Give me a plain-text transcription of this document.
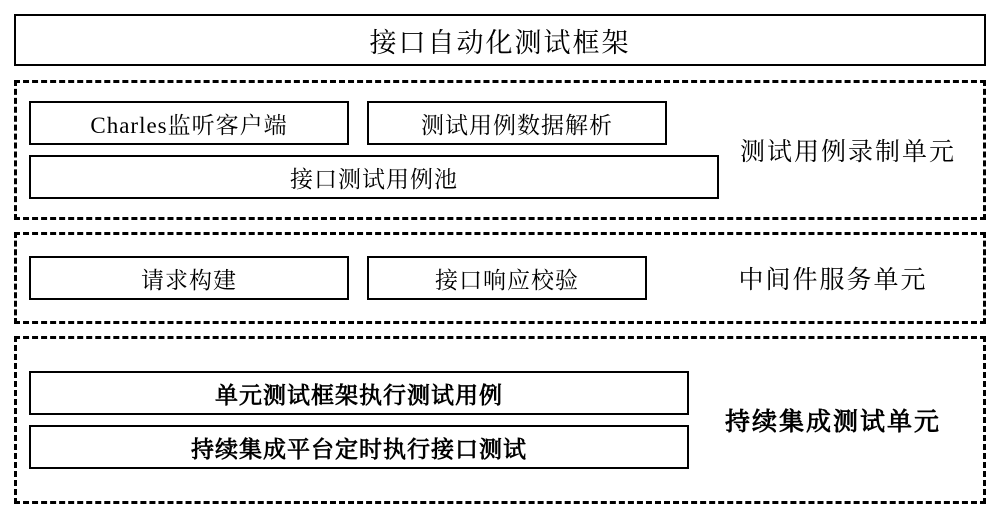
接口自动化测试框架
Charles监听客户端	测试用例数据解析
接口测试用例池
测试用例录制单元
请求构建	接口响应校验	中间件服务单元
单元测试框架执行测试用例
持续集成平台定时执行接口测试
持续集成测试单元
